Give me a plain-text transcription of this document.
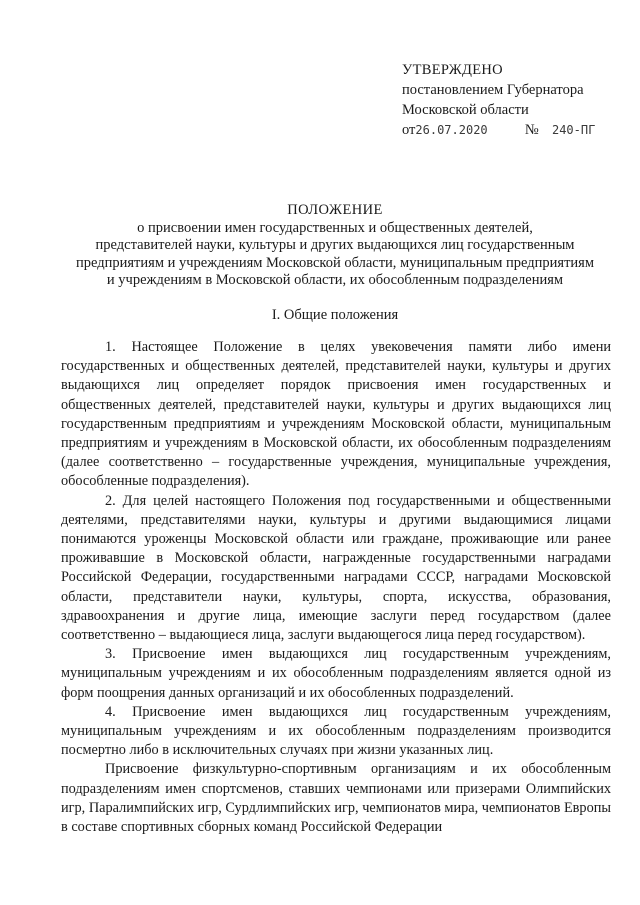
УТВЕРЖДЕНО
постановлением Губернатора
Московской области
от26.07.2020	№ 240-ПГ
ПОЛОЖЕНИЕ
о присвоении имен государственных и общественных деятелей,
представителей науки, культуры и других выдающихся лиц государственным
предприятиям и учреждениям Московской области, муниципальным предприятиям
и учреждениям в Московской области, их обособленным подразделениям
I. Общие положения

1. Настоящее Положение в целях увековечения памяти либо имени государственных и общественных деятелей, представителей науки, культуры и других выдающихся лиц определяет порядок присвоения имен государственных и общественных деятелей, представителей науки, культуры и других выдающихся лиц государственным предприятиям и учреждениям Московской области, муниципальным предприятиям и учреждениям в Московской области, их обособленным подразделениям (далее соответственно – государственные учреждения, муниципальные учреждения, обособленные подразделения).

2. Для целей настоящего Положения под государственными и общественными деятелями, представителями науки, культуры и другими выдающимися лицами понимаются уроженцы Московской области или граждане, проживающие или ранее проживавшие в Московской области, награжденные государственными наградами Российской Федерации, государственными наградами СССР, наградами Московской области, представители науки, культуры, спорта, искусства, образования, здравоохранения и другие лица, имеющие заслуги перед государством (далее соответственно – выдающиеся лица, заслуги выдающегося лица перед государством).

3. Присвоение имен выдающихся лиц государственным учреждениям, муниципальным учреждениям и их обособленным подразделениям является одной из форм поощрения данных организаций и их обособленных подразделений.

4. Присвоение имен выдающихся лиц государственным учреждениям, муниципальным учреждениям и их обособленным подразделениям производится посмертно либо в исключительных случаях при жизни указанных лиц.

Присвоение физкультурно-спортивным организациям и их обособленным подразделениям имен спортсменов, ставших чемпионами или призерами Олимпийских игр, Паралимпийских игр, Сурдлимпийских игр, чемпионатов мира, чемпионатов Европы в составе спортивных сборных команд Российской Федерации
